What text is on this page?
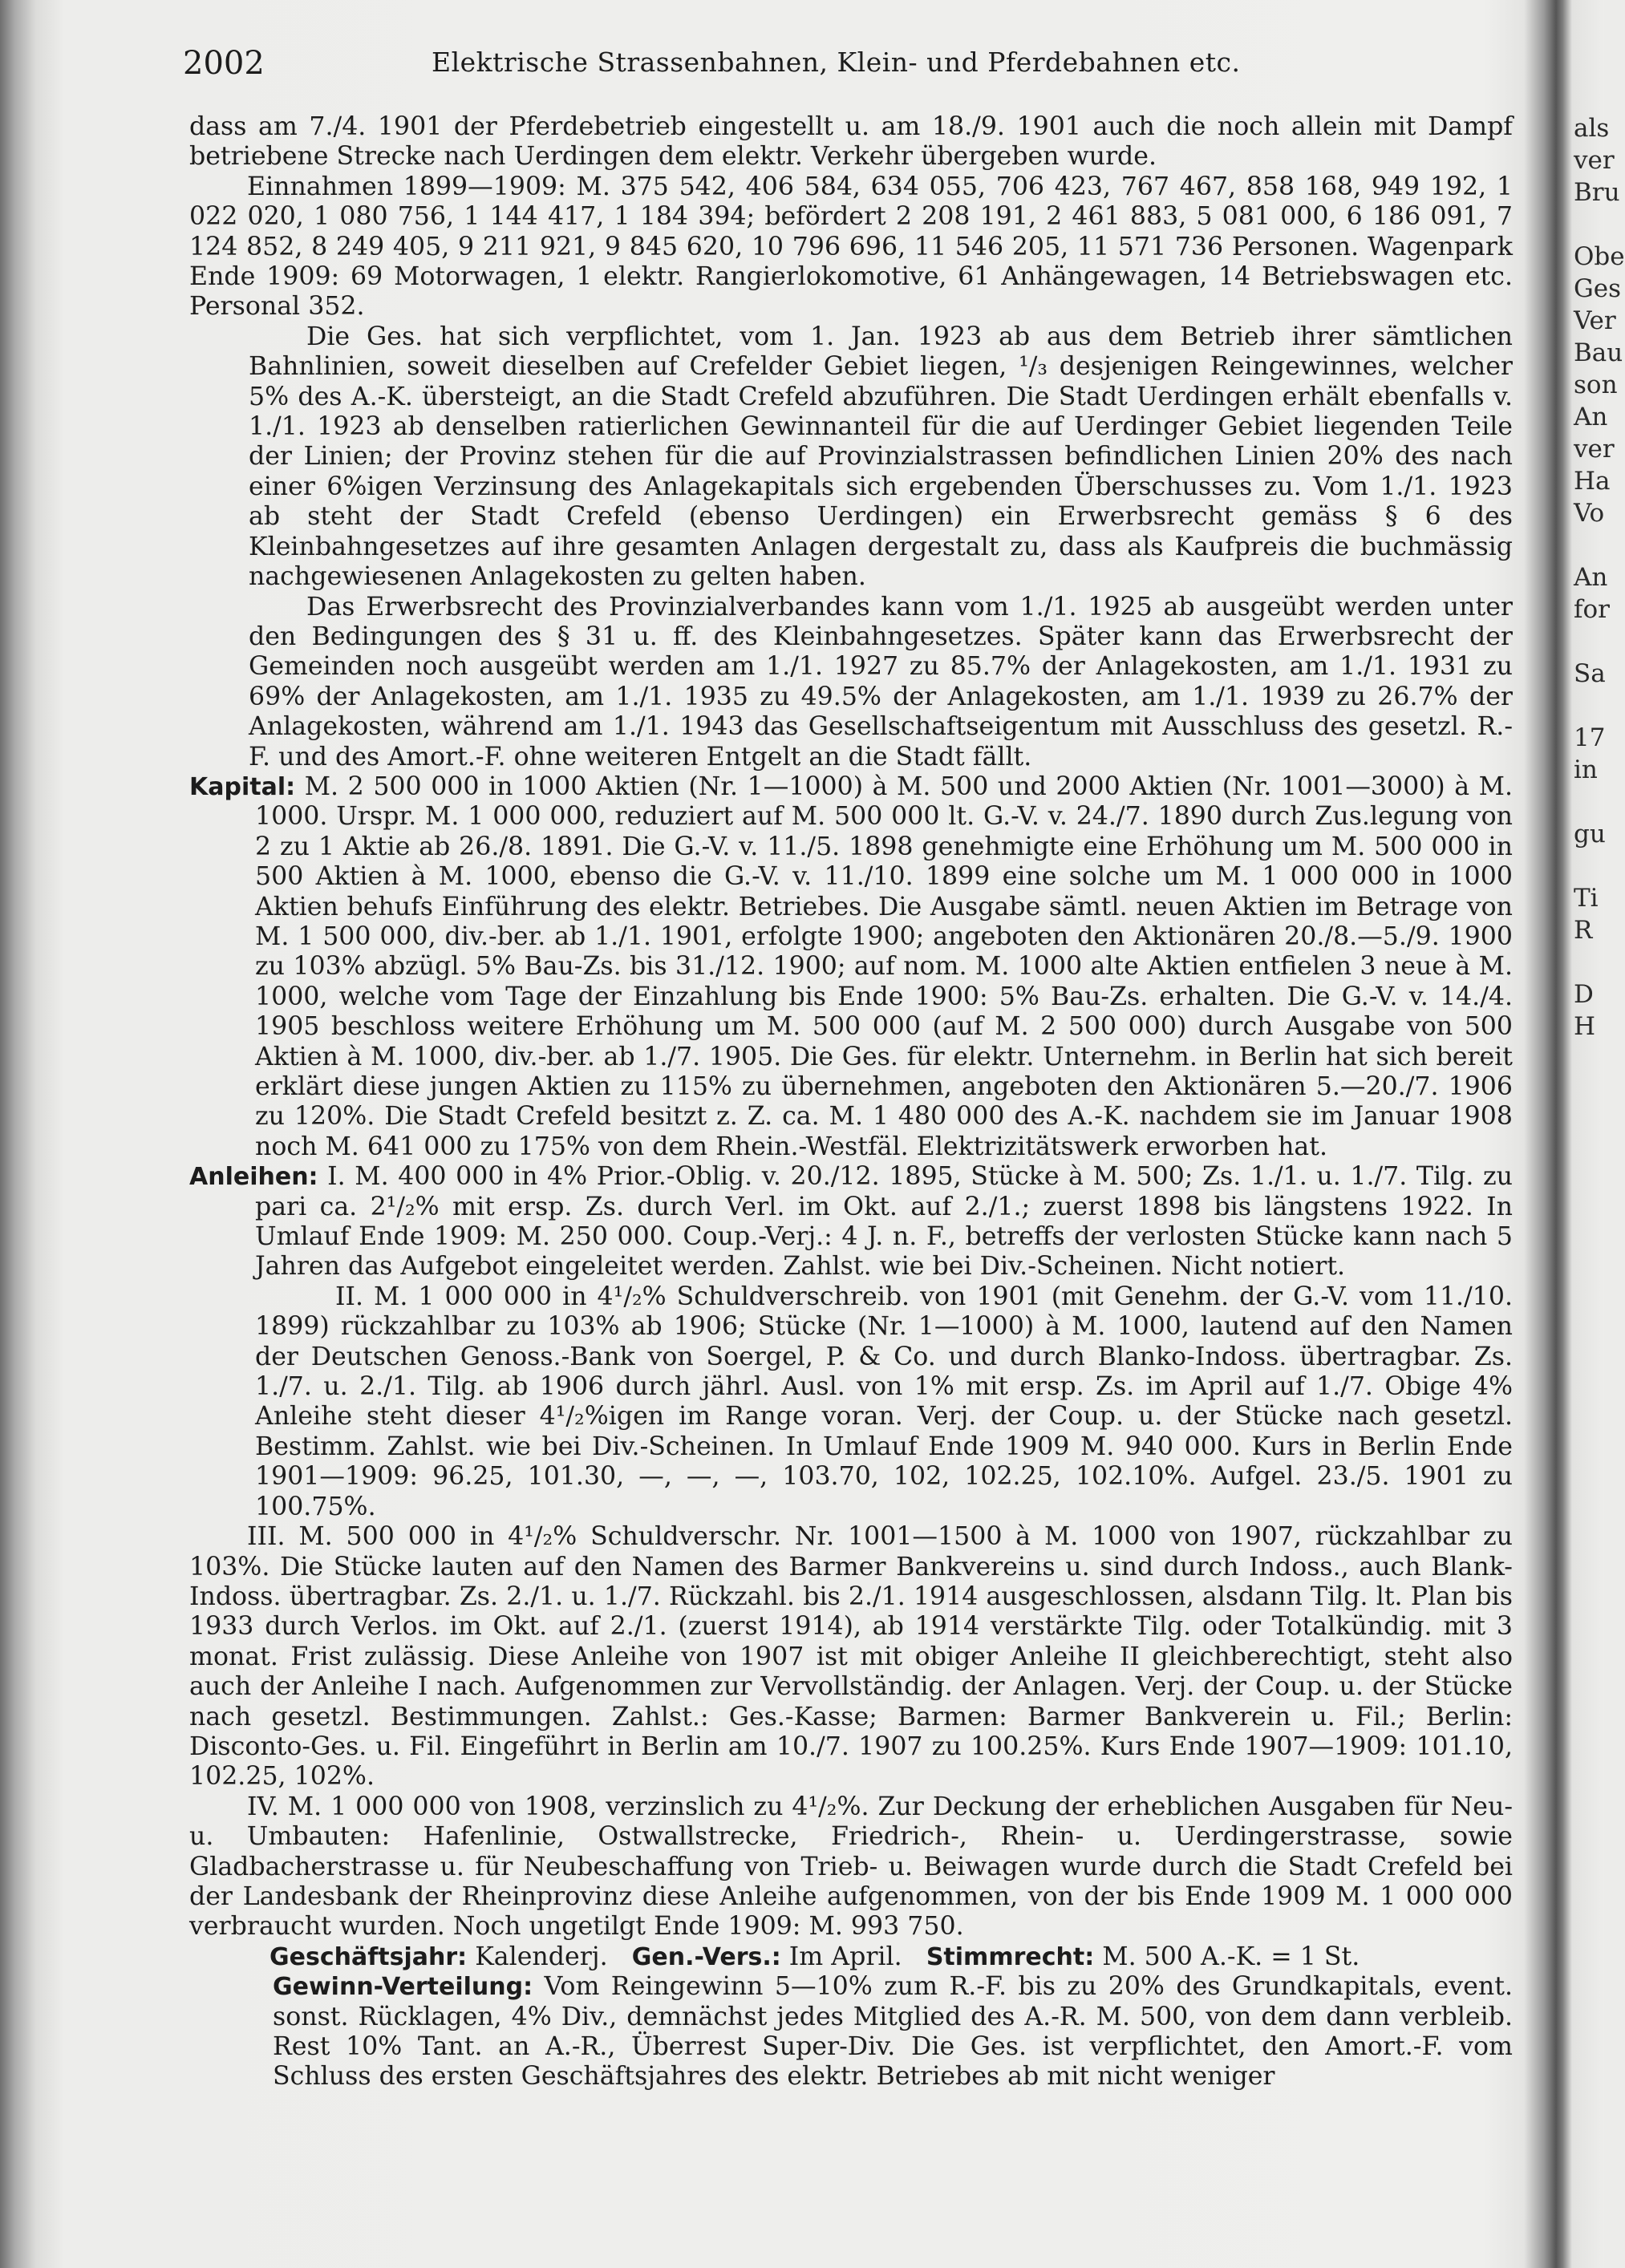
2002	Elektrische Strassenbahnen, Klein- und Pferdebahnen etc.

dass am 7./4. 1901 der Pferdebetrieb eingestellt u. am 18./9. 1901 auch die noch allein mit Dampf betriebene Strecke nach Uerdingen dem elektr. Verkehr übergeben wurde.

Einnahmen 1899—1909: M. 375 542, 406 584, 634 055, 706 423, 767 467, 858 168, 949 192, 1 022 020, 1 080 756, 1 144 417, 1 184 394; befördert 2 208 191, 2 461 883, 5 081 000, 6 186 091, 7 124 852, 8 249 405, 9 211 921, 9 845 620, 10 796 696, 11 546 205, 11 571 736 Personen. Wagenpark Ende 1909: 69 Motorwagen, 1 elektr. Rangierlokomotive, 61 Anhängewagen, 14 Betriebswagen etc. Personal 352.

Die Ges. hat sich verpflichtet, vom 1. Jan. 1923 ab aus dem Betrieb ihrer sämtlichen Bahnlinien, soweit dieselben auf Crefelder Gebiet liegen, ¹/₃ desjenigen Reingewinnes, welcher 5% des A.-K. übersteigt, an die Stadt Crefeld abzuführen. Die Stadt Uerdingen erhält ebenfalls v. 1./1. 1923 ab denselben ratierlichen Gewinnanteil für die auf Uerdinger Gebiet liegenden Teile der Linien; der Provinz stehen für die auf Provinzialstrassen befindlichen Linien 20% des nach einer 6%igen Verzinsung des Anlagekapitals sich ergebenden Überschusses zu. Vom 1./1. 1923 ab steht der Stadt Crefeld (ebenso Uerdingen) ein Erwerbsrecht gemäss § 6 des Kleinbahngesetzes auf ihre gesamten Anlagen dergestalt zu, dass als Kaufpreis die buchmässig nachgewiesenen Anlagekosten zu gelten haben.

Das Erwerbsrecht des Provinzialverbandes kann vom 1./1. 1925 ab ausgeübt werden unter den Bedingungen des § 31 u. ff. des Kleinbahngesetzes. Später kann das Erwerbsrecht der Gemeinden noch ausgeübt werden am 1./1. 1927 zu 85.7% der Anlagekosten, am 1./1. 1931 zu 69% der Anlagekosten, am 1./1. 1935 zu 49.5% der Anlagekosten, am 1./1. 1939 zu 26.7% der Anlagekosten, während am 1./1. 1943 das Gesellschaftseigentum mit Ausschluss des gesetzl. R.-F. und des Amort.-F. ohne weiteren Entgelt an die Stadt fällt.

Kapital: M. 2 500 000 in 1000 Aktien (Nr. 1—1000) à M. 500 und 2000 Aktien (Nr. 1001—3000) à M. 1000. Urspr. M. 1 000 000, reduziert auf M. 500 000 lt. G.-V. v. 24./7. 1890 durch Zus.legung von 2 zu 1 Aktie ab 26./8. 1891. Die G.-V. v. 11./5. 1898 genehmigte eine Erhöhung um M. 500 000 in 500 Aktien à M. 1000, ebenso die G.-V. v. 11./10. 1899 eine solche um M. 1 000 000 in 1000 Aktien behufs Einführung des elektr. Betriebes. Die Ausgabe sämtl. neuen Aktien im Betrage von M. 1 500 000, div.-ber. ab 1./1. 1901, erfolgte 1900; angeboten den Aktionären 20./8.—5./9. 1900 zu 103% abzügl. 5% Bau-Zs. bis 31./12. 1900; auf nom. M. 1000 alte Aktien entfielen 3 neue à M. 1000, welche vom Tage der Einzahlung bis Ende 1900: 5% Bau-Zs. erhalten. Die G.-V. v. 14./4. 1905 beschloss weitere Erhöhung um M. 500 000 (auf M. 2 500 000) durch Ausgabe von 500 Aktien à M. 1000, div.-ber. ab 1./7. 1905. Die Ges. für elektr. Unternehm. in Berlin hat sich bereit erklärt diese jungen Aktien zu 115% zu übernehmen, angeboten den Aktionären 5.—20./7. 1906 zu 120%. Die Stadt Crefeld besitzt z. Z. ca. M. 1 480 000 des A.-K. nachdem sie im Januar 1908 noch M. 641 000 zu 175% von dem Rhein.-Westfäl. Elektrizitätswerk erworben hat.

Anleihen: I. M. 400 000 in 4% Prior.-Oblig. v. 20./12. 1895, Stücke à M. 500; Zs. 1./1. u. 1./7. Tilg. zu pari ca. 2¹/₂% mit ersp. Zs. durch Verl. im Okt. auf 2./1.; zuerst 1898 bis längstens 1922. In Umlauf Ende 1909: M. 250 000. Coup.-Verj.: 4 J. n. F., betreffs der verlosten Stücke kann nach 5 Jahren das Aufgebot eingeleitet werden. Zahlst. wie bei Div.-Scheinen. Nicht notiert.

II. M. 1 000 000 in 4¹/₂% Schuldverschreib. von 1901 (mit Genehm. der G.-V. vom 11./10. 1899) rückzahlbar zu 103% ab 1906; Stücke (Nr. 1—1000) à M. 1000, lautend auf den Namen der Deutschen Genoss.-Bank von Soergel, P. & Co. und durch Blanko-Indoss. übertragbar. Zs. 1./7. u. 2./1. Tilg. ab 1906 durch jährl. Ausl. von 1% mit ersp. Zs. im April auf 1./7. Obige 4% Anleihe steht dieser 4¹/₂%igen im Range voran. Verj. der Coup. u. der Stücke nach gesetzl. Bestimm. Zahlst. wie bei Div.-Scheinen. In Umlauf Ende 1909 M. 940 000. Kurs in Berlin Ende 1901—1909: 96.25, 101.30, —, —, —, 103.70, 102, 102.25, 102.10%. Aufgel. 23./5. 1901 zu 100.75%.

III. M. 500 000 in 4¹/₂% Schuldverschr. Nr. 1001—1500 à M. 1000 von 1907, rückzahlbar zu 103%. Die Stücke lauten auf den Namen des Barmer Bankvereins u. sind durch Indoss., auch Blank-Indoss. übertragbar. Zs. 2./1. u. 1./7. Rückzahl. bis 2./1. 1914 ausgeschlossen, alsdann Tilg. lt. Plan bis 1933 durch Verlos. im Okt. auf 2./1. (zuerst 1914), ab 1914 verstärkte Tilg. oder Totalkündig. mit 3 monat. Frist zulässig. Diese Anleihe von 1907 ist mit obiger Anleihe II gleichberechtigt, steht also auch der Anleihe I nach. Aufgenommen zur Vervollständig. der Anlagen. Verj. der Coup. u. der Stücke nach gesetzl. Bestimmungen. Zahlst.: Ges.-Kasse; Barmen: Barmer Bankverein u. Fil.; Berlin: Disconto-Ges. u. Fil. Eingeführt in Berlin am 10./7. 1907 zu 100.25%. Kurs Ende 1907—1909: 101.10, 102.25, 102%.

IV. M. 1 000 000 von 1908, verzinslich zu 4¹/₂%. Zur Deckung der erheblichen Ausgaben für Neu- u. Umbauten: Hafenlinie, Ostwallstrecke, Friedrich-, Rhein- u. Uerdingerstrasse, sowie Gladbacherstrasse u. für Neubeschaffung von Trieb- u. Beiwagen wurde durch die Stadt Crefeld bei der Landesbank der Rheinprovinz diese Anleihe aufgenommen, von der bis Ende 1909 M. 1 000 000 verbraucht wurden. Noch ungetilgt Ende 1909: M. 993 750.

Geschäftsjahr: Kalenderj. Gen.-Vers.: Im April. Stimmrecht: M. 500 A.-K. = 1 St.

Gewinn-Verteilung: Vom Reingewinn 5—10% zum R.-F. bis zu 20% des Grundkapitals, event. sonst. Rücklagen, 4% Div., demnächst jedes Mitglied des A.-R. M. 500, von dem dann verbleib. Rest 10% Tant. an A.-R., Überrest Super-Div. Die Ges. ist verpflichtet, den Amort.-F. vom Schluss des ersten Geschäftsjahres des elektr. Betriebes ab mit nicht weniger

als
ver
Bru

Obe
Ges
Ver
Bau
son
An
ver
Ha
Vo

An
for

Sa

17
in

gu

Ti
R

D
H
